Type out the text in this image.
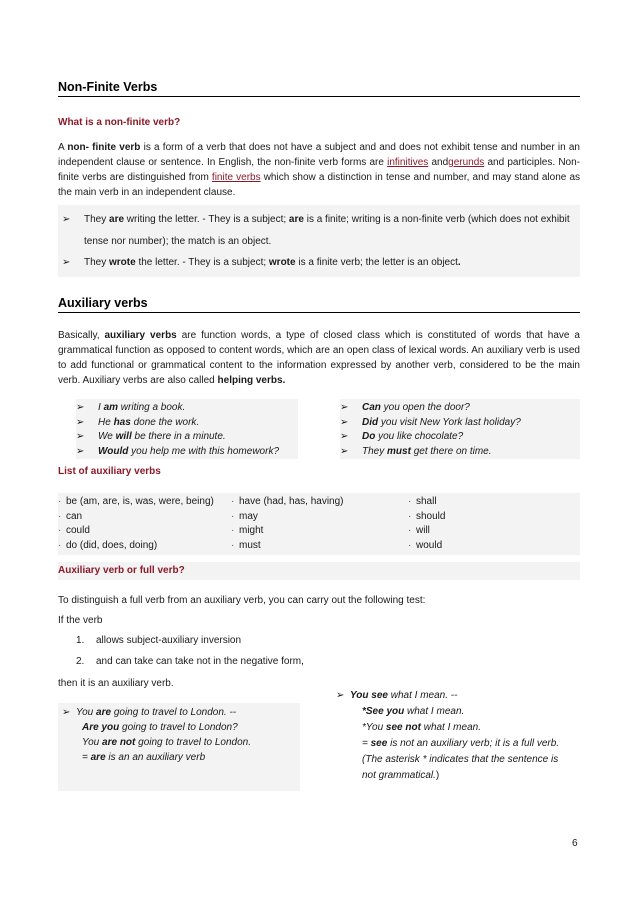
Non-Finite Verbs
What is a non-finite verb?

A non- finite verb is a form of a verb that does not have a subject and and does not exhibit tense and number in an independent clause or sentence. In English, the non-finite verb forms are infinitives andgerunds and participles. Non-finite verbs are distinguished from finite verbs which show a distinction in tense and number, and may stand alone as the main verb in an independent clause.

➢	They are writing the letter. - They is a subject; are is a finite; writing is a non-finite verb (which does not exhibit tense nor number); the match is an object.
➢	They wrote the letter. - They is a subject; wrote is a finite verb; the letter is an object.
Auxiliary verbs

Basically, auxiliary verbs are function words, a type of closed class which is constituted of words that have a grammatical function as opposed to content words, which are an open class of lexical words. An auxiliary verb is used to add functional or grammatical content to the information expressed by another verb, considered to be the main verb. Auxiliary verbs are also called helping verbs.

➢	I am writing a book.
➢	He has done the work.
➢	We will be there in a minute.
➢	Would you help me with this homework?
➢	Can you open the door?
➢	Did you visit New York last holiday?
➢	Do you like chocolate?
➢	They must get there on time.
List of auxiliary verbs
· be (am, are, is, was, were, being)
· can
· could
· do (did, does, doing)
· have (had, has, having)
· may
· might
· must
· shall
· should
· will
· would
Auxiliary verb or full verb?
To distinguish a full verb from an auxiliary verb, you can carry out the following test:
If the verb
1. allows subject-auxiliary inversion
2. and can take can take not in the negative form,
then it is an auxiliary verb.
➢ You are going to travel to London. --
Are you going to travel to London?
You are not going to travel to London.
= are is an an auxiliary verb
➢ You see what I mean. --
*See you what I mean.
*You see not what I mean.
= see is not an auxiliary verb; it is a full verb.
(The asterisk * indicates that the sentence is
not grammatical.)
6
